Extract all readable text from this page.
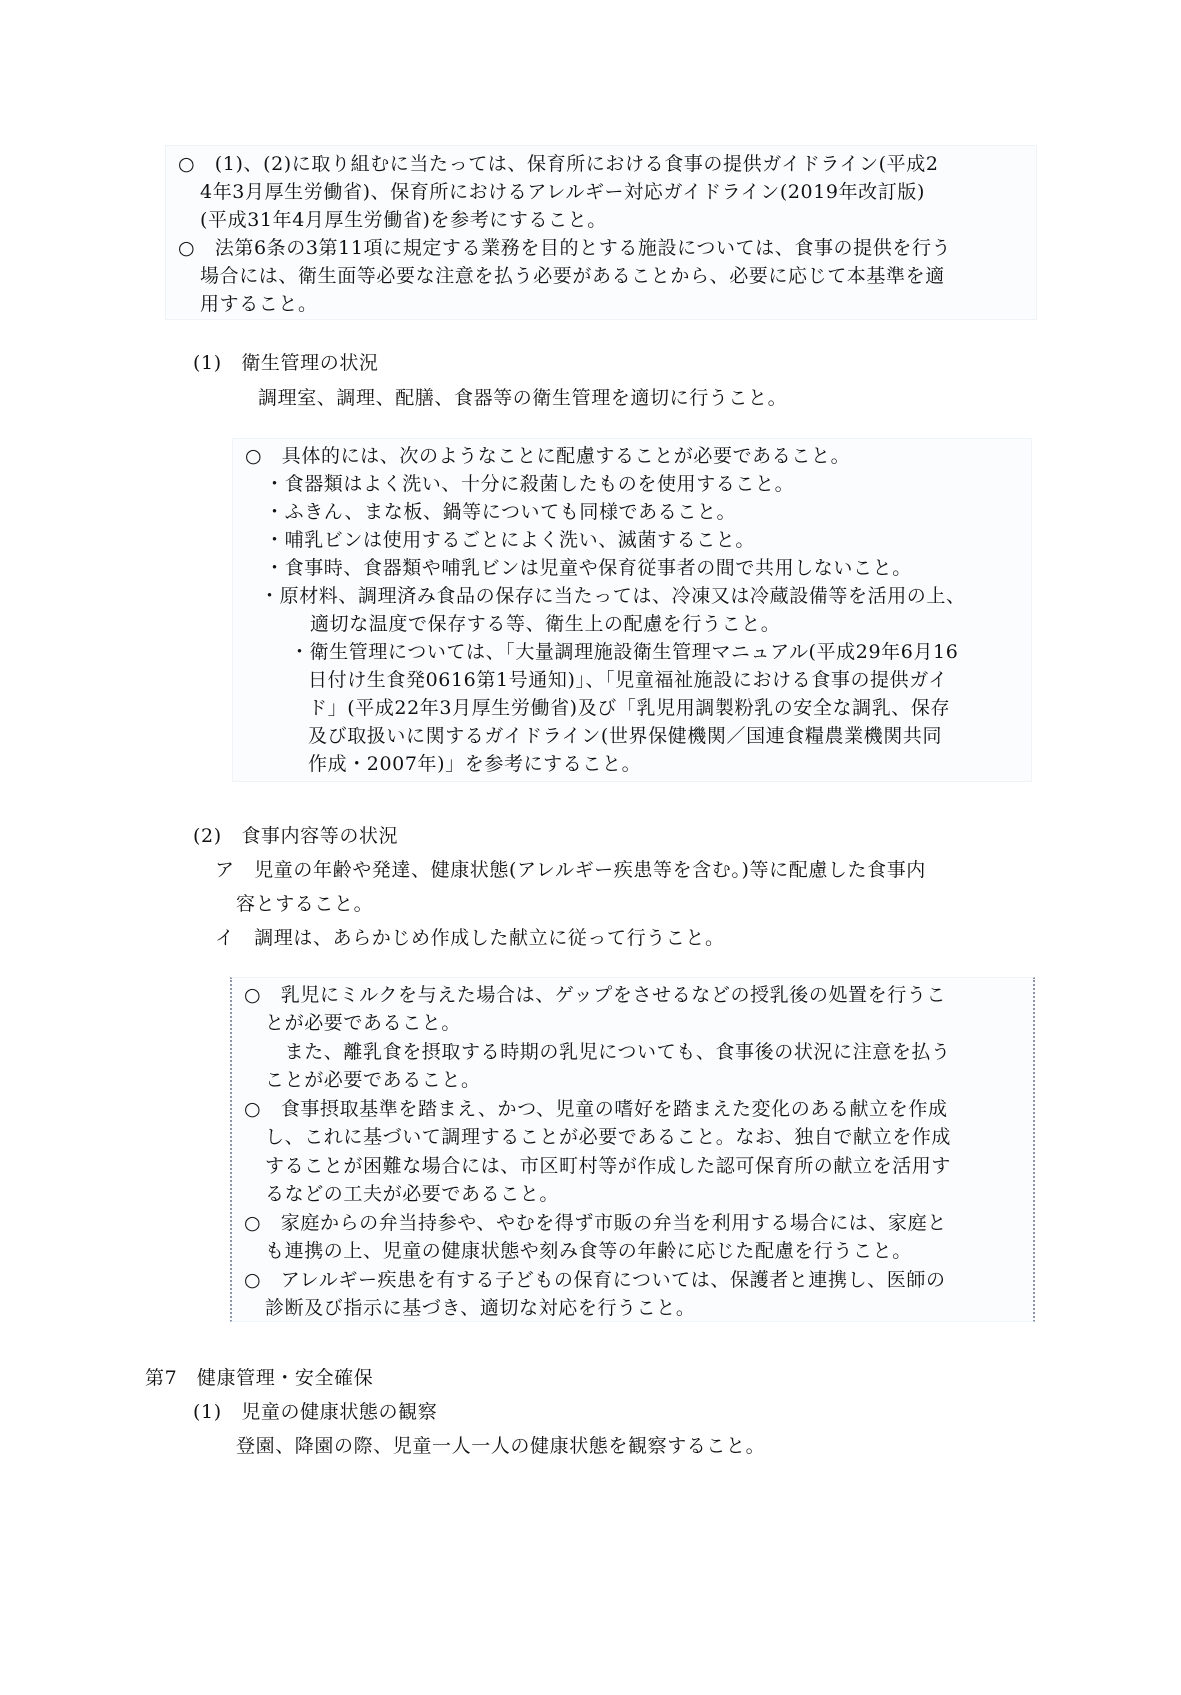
○　(1)、(2)に取り組むに当たっては、保育所における食事の提供ガイドライン(平成2
4年3月厚生労働省)、保育所におけるアレルギー対応ガイドライン(2019年改訂版)
(平成31年4月厚生労働省)を参考にすること。
○　法第6条の3第11項に規定する業務を目的とする施設については、食事の提供を行う
場合には、衛生面等必要な注意を払う必要があることから、必要に応じて本基準を適
用すること。
(1)　衛生管理の状況
調理室、調理、配膳、食器等の衛生管理を適切に行うこと。
○　具体的には、次のようなことに配慮することが必要であること。
・食器類はよく洗い、十分に殺菌したものを使用すること。
・ふきん、まな板、鍋等についても同様であること。
・哺乳ビンは使用するごとによく洗い、滅菌すること。
・食事時、食器類や哺乳ビンは児童や保育従事者の間で共用しないこと。
・原材料、調理済み食品の保存に当たっては、冷凍又は冷蔵設備等を活用の上、
適切な温度で保存する等、衛生上の配慮を行うこと。
・衛生管理については、「大量調理施設衛生管理マニュアル(平成29年6月16
日付け生食発0616第1号通知)」、「児童福祉施設における食事の提供ガイ
ド」(平成22年3月厚生労働省)及び「乳児用調製粉乳の安全な調乳、保存
及び取扱いに関するガイドライン(世界保健機関／国連食糧農業機関共同
作成・2007年)」を参考にすること。
(2)　食事内容等の状況
ア　児童の年齢や発達、健康状態(アレルギー疾患等を含む。)等に配慮した食事内
容とすること。
イ　調理は、あらかじめ作成した献立に従って行うこと。
○　乳児にミルクを与えた場合は、ゲップをさせるなどの授乳後の処置を行うこ
とが必要であること。
　また、離乳食を摂取する時期の乳児についても、食事後の状況に注意を払う
ことが必要であること。
○　食事摂取基準を踏まえ、かつ、児童の嗜好を踏まえた変化のある献立を作成
し、これに基づいて調理することが必要であること。なお、独自で献立を作成
することが困難な場合には、市区町村等が作成した認可保育所の献立を活用す
るなどの工夫が必要であること。
○　家庭からの弁当持参や、やむを得ず市販の弁当を利用する場合には、家庭と
も連携の上、児童の健康状態や刻み食等の年齢に応じた配慮を行うこと。
○　アレルギー疾患を有する子どもの保育については、保護者と連携し、医師の
診断及び指示に基づき、適切な対応を行うこと。
第7　健康管理・安全確保
(1)　児童の健康状態の観察
登園、降園の際、児童一人一人の健康状態を観察すること。
